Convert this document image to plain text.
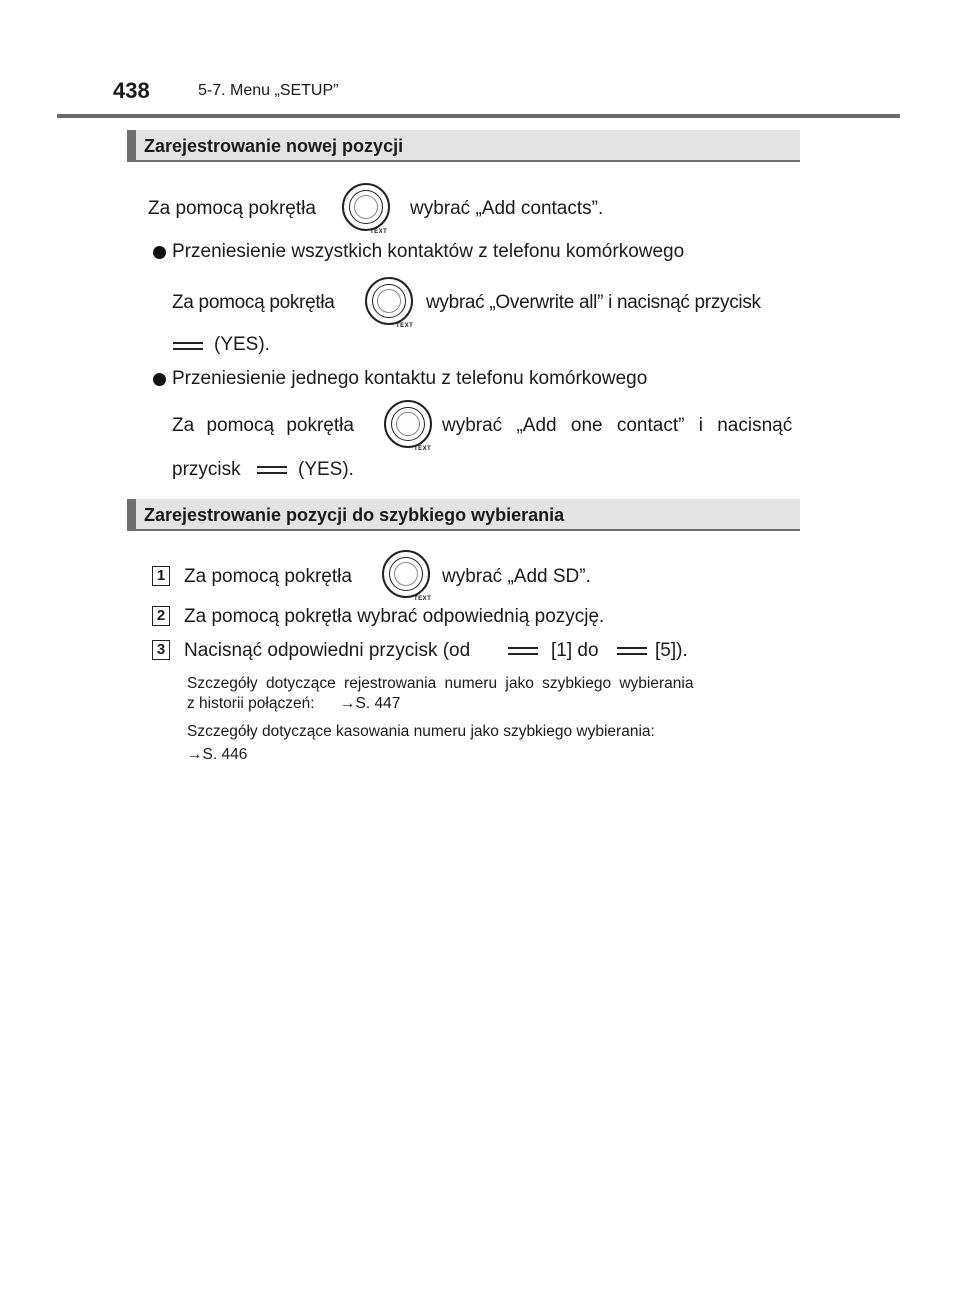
438	5-7. Menu „SETUP”
Zarejestrowanie nowej pozycji
Za pomocą pokrętła
TEXT
wybrać „Add contacts”.
Przeniesienie wszystkich kontaktów z telefonu komórkowego
Za pomocą pokrętła
TEXT
wybrać „Overwrite all” i nacisnąć przycisk
(YES).
Przeniesienie jednego kontaktu z telefonu komórkowego
Za pomocą pokrętła
TEXT
wybrać „Add one contact” i nacisnąć
przycisk	(YES).
Zarejestrowanie pozycji do szybkiego wybierania
1 Za pomocą pokrętła
TEXT
wybrać „Add SD”.
2 Za pomocą pokrętła wybrać odpowiednią pozycję.
3 Nacisnąć odpowiedni przycisk (od	[1] do	[5]).
Szczegóły dotyczące rejestrowania numeru jako szybkiego wybierania
z historii połączeń: →S. 447
Szczegóły dotyczące kasowania numeru jako szybkiego wybierania:
→S. 446
